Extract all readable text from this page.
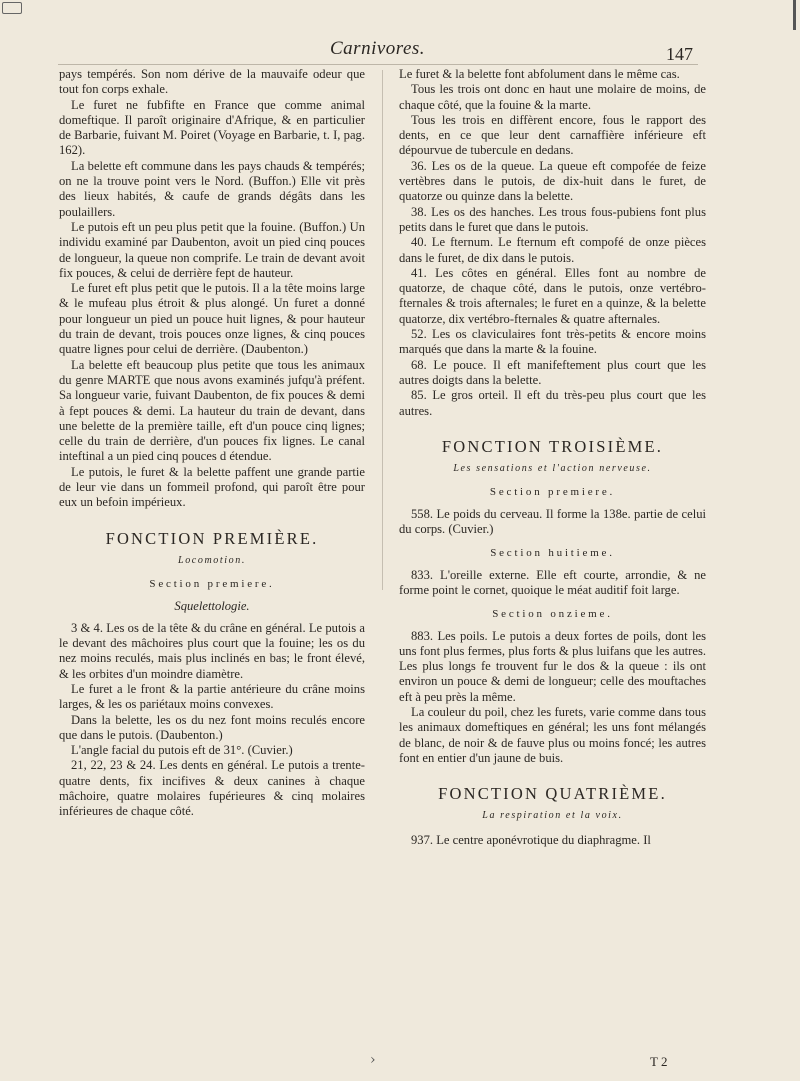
Carnivores.	147

pays tempérés. Son nom dérive de la mauvaife odeur que tout fon corps exhale.

Le furet ne fubfifte en France que comme animal domeftique. Il paroît originaire d'Afrique, & en particulier de Barbarie, fuivant M. Poiret (Voyage en Barbarie, t. I, pag. 162).

La belette eft commune dans les pays chauds & tempérés; on ne la trouve point vers le Nord. (Buffon.) Elle vit près des lieux habités, & caufe de grands dégâts dans les poulaillers.

Le putois eft un peu plus petit que la fouine. (Buffon.) Un individu examiné par Daubenton, avoit un pied cinq pouces de longueur, la queue non comprife. Le train de devant avoit fix pouces, & celui de derrière fept de hauteur.

Le furet eft plus petit que le putois. Il a la tête moins large & le mufeau plus étroit & plus alongé. Un furet a donné pour longueur un pied un pouce huit lignes, & pour hauteur du train de devant, trois pouces onze lignes, & cinq pouces quatre lignes pour celui de derrière. (Daubenton.)

La belette eft beaucoup plus petite que tous les animaux du genre MARTE que nous avons examinés jufqu'à préfent. Sa longueur varie, fuivant Daubenton, de fix pouces & demi à fept pouces & demi. La hauteur du train de devant, dans une belette de la première taille, eft d'un pouce cinq lignes; celle du train de derrière, d'un pouces fix lignes. Le canal inteftinal a un pied cinq pouces d étendue.

Le putois, le furet & la belette paffent une grande partie de leur vie dans un fommeil profond, qui paroît être pour eux un befoin impérieux.

FONCTION PREMIÈRE.
Locomotion.
Section premiere.
Squelettologie.

3 & 4. Les os de la tête & du crâne en général. Le putois a le devant des mâchoires plus court que la fouine; les os du nez moins reculés, mais plus inclinés en bas; le front élevé, & les orbites d'un moindre diamètre.

Le furet a le front & la partie antérieure du crâne moins larges, & les os pariétaux moins convexes.

Dans la belette, les os du nez font moins reculés encore que dans le putois. (Daubenton.)

L'angle facial du putois eft de 31°. (Cuvier.)

21, 22, 23 & 24. Les dents en général. Le putois a trente-quatre dents, fix incifives & deux canines à chaque mâchoire, quatre molaires fupérieures & cinq molaires inférieures de chaque côté.

Le furet & la belette font abfolument dans le même cas.

Tous les trois ont donc en haut une molaire de moins, de chaque côté, que la fouine & la marte.

Tous les trois en diffèrent encore, fous le rapport des dents, en ce que leur dent carnaffière inférieure eft dépourvue de tubercule en dedans.

36. Les os de la queue. La queue eft compofée de feize vertèbres dans le putois, de dix-huit dans le furet, de quatorze ou quinze dans la belette.

38. Les os des hanches. Les trous fous-pubiens font plus petits dans le furet que dans le putois.

40. Le fternum. Le fternum eft compofé de onze pièces dans le furet, de dix dans le putois.

41. Les côtes en général. Elles font au nombre de quatorze, de chaque côté, dans le putois, onze vertébro-fternales & trois afternales; le furet en a quinze, & la belette quatorze, dix vertébro-fternales & quatre afternales.

52. Les os claviculaires font très-petits & encore moins marqués que dans la marte & la fouine.

68. Le pouce. Il eft manifeftement plus court que les autres doigts dans la belette.

85. Le gros orteil. Il eft du très-peu plus court que les autres.

FONCTION TROISIÈME.
Les sensations et l'action nerveuse.
Section premiere.

558. Le poids du cerveau. Il forme la 138e. partie de celui du corps. (Cuvier.)

Section huitieme.

833. L'oreille externe. Elle eft courte, arrondie, & ne forme point le cornet, quoique le méat auditif foit large.

Section onzieme.

883. Les poils. Le putois a deux fortes de poils, dont les uns font plus fermes, plus forts & plus luifans que les autres. Les plus longs fe trouvent fur le dos & la queue : ils ont environ un pouce & demi de longueur; celle des mouftaches eft à peu près la même.

La couleur du poil, chez les furets, varie comme dans tous les animaux domeftiques en général; les uns font mélangés de blanc, de noir & de fauve plus ou moins foncé; les autres font en entier d'un jaune de buis.

FONCTION QUATRIÈME.
La respiration et la voix.

937. Le centre aponévrotique du diaphragme. Il

›	T 2
